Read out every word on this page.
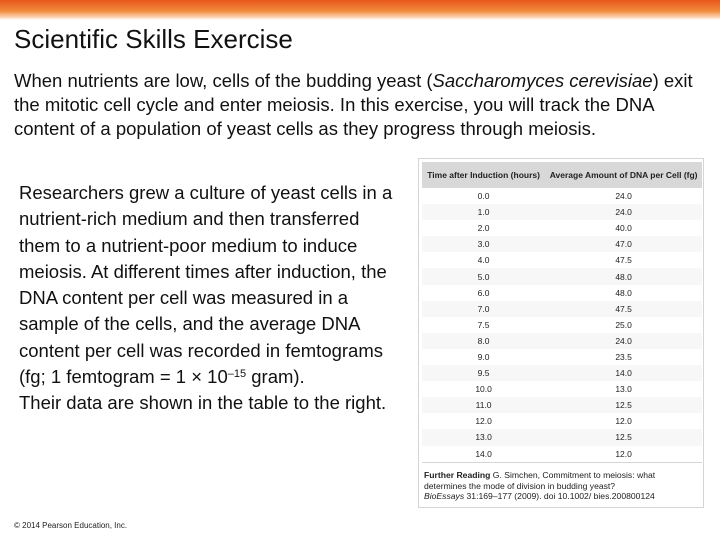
Scientific Skills Exercise
When nutrients are low, cells of the budding yeast (Saccharomyces cerevisiae) exit the mitotic cell cycle and enter meiosis. In this exercise, you will track the DNA content of a population of yeast cells as they progress through meiosis.

Researchers grew a culture of yeast cells in a nutrient-rich medium and then transferred them to a nutrient-poor medium to induce meiosis. At different times after induction, the DNA content per cell was measured in a sample of the cells, and the average DNA content per cell was recorded in femtograms (fg; 1 femtogram = $1 \times 10^{-15}$ gram).

Their data are shown in the table to the right.

Time after Induction (hours)	Average Amount of DNA per Cell (fg)
0.0	24.0
1.0	24.0
2.0	40.0
3.0	47.0
4.0	47.5
5.0	48.0
6.0	48.0
7.0	47.5
7.5	25.0
8.0	24.0
9.0	23.5
9.5	14.0
10.0	13.0
11.0	12.5
12.0	12.0
13.0	12.5
14.0	12.0
Further Reading G. Simchen, Commitment to meiosis: what determines the mode of division in budding yeast?
BioEssays 31:169–177 (2009). doi 10.1002/ bies.200800124
© 2014 Pearson Education, Inc.
